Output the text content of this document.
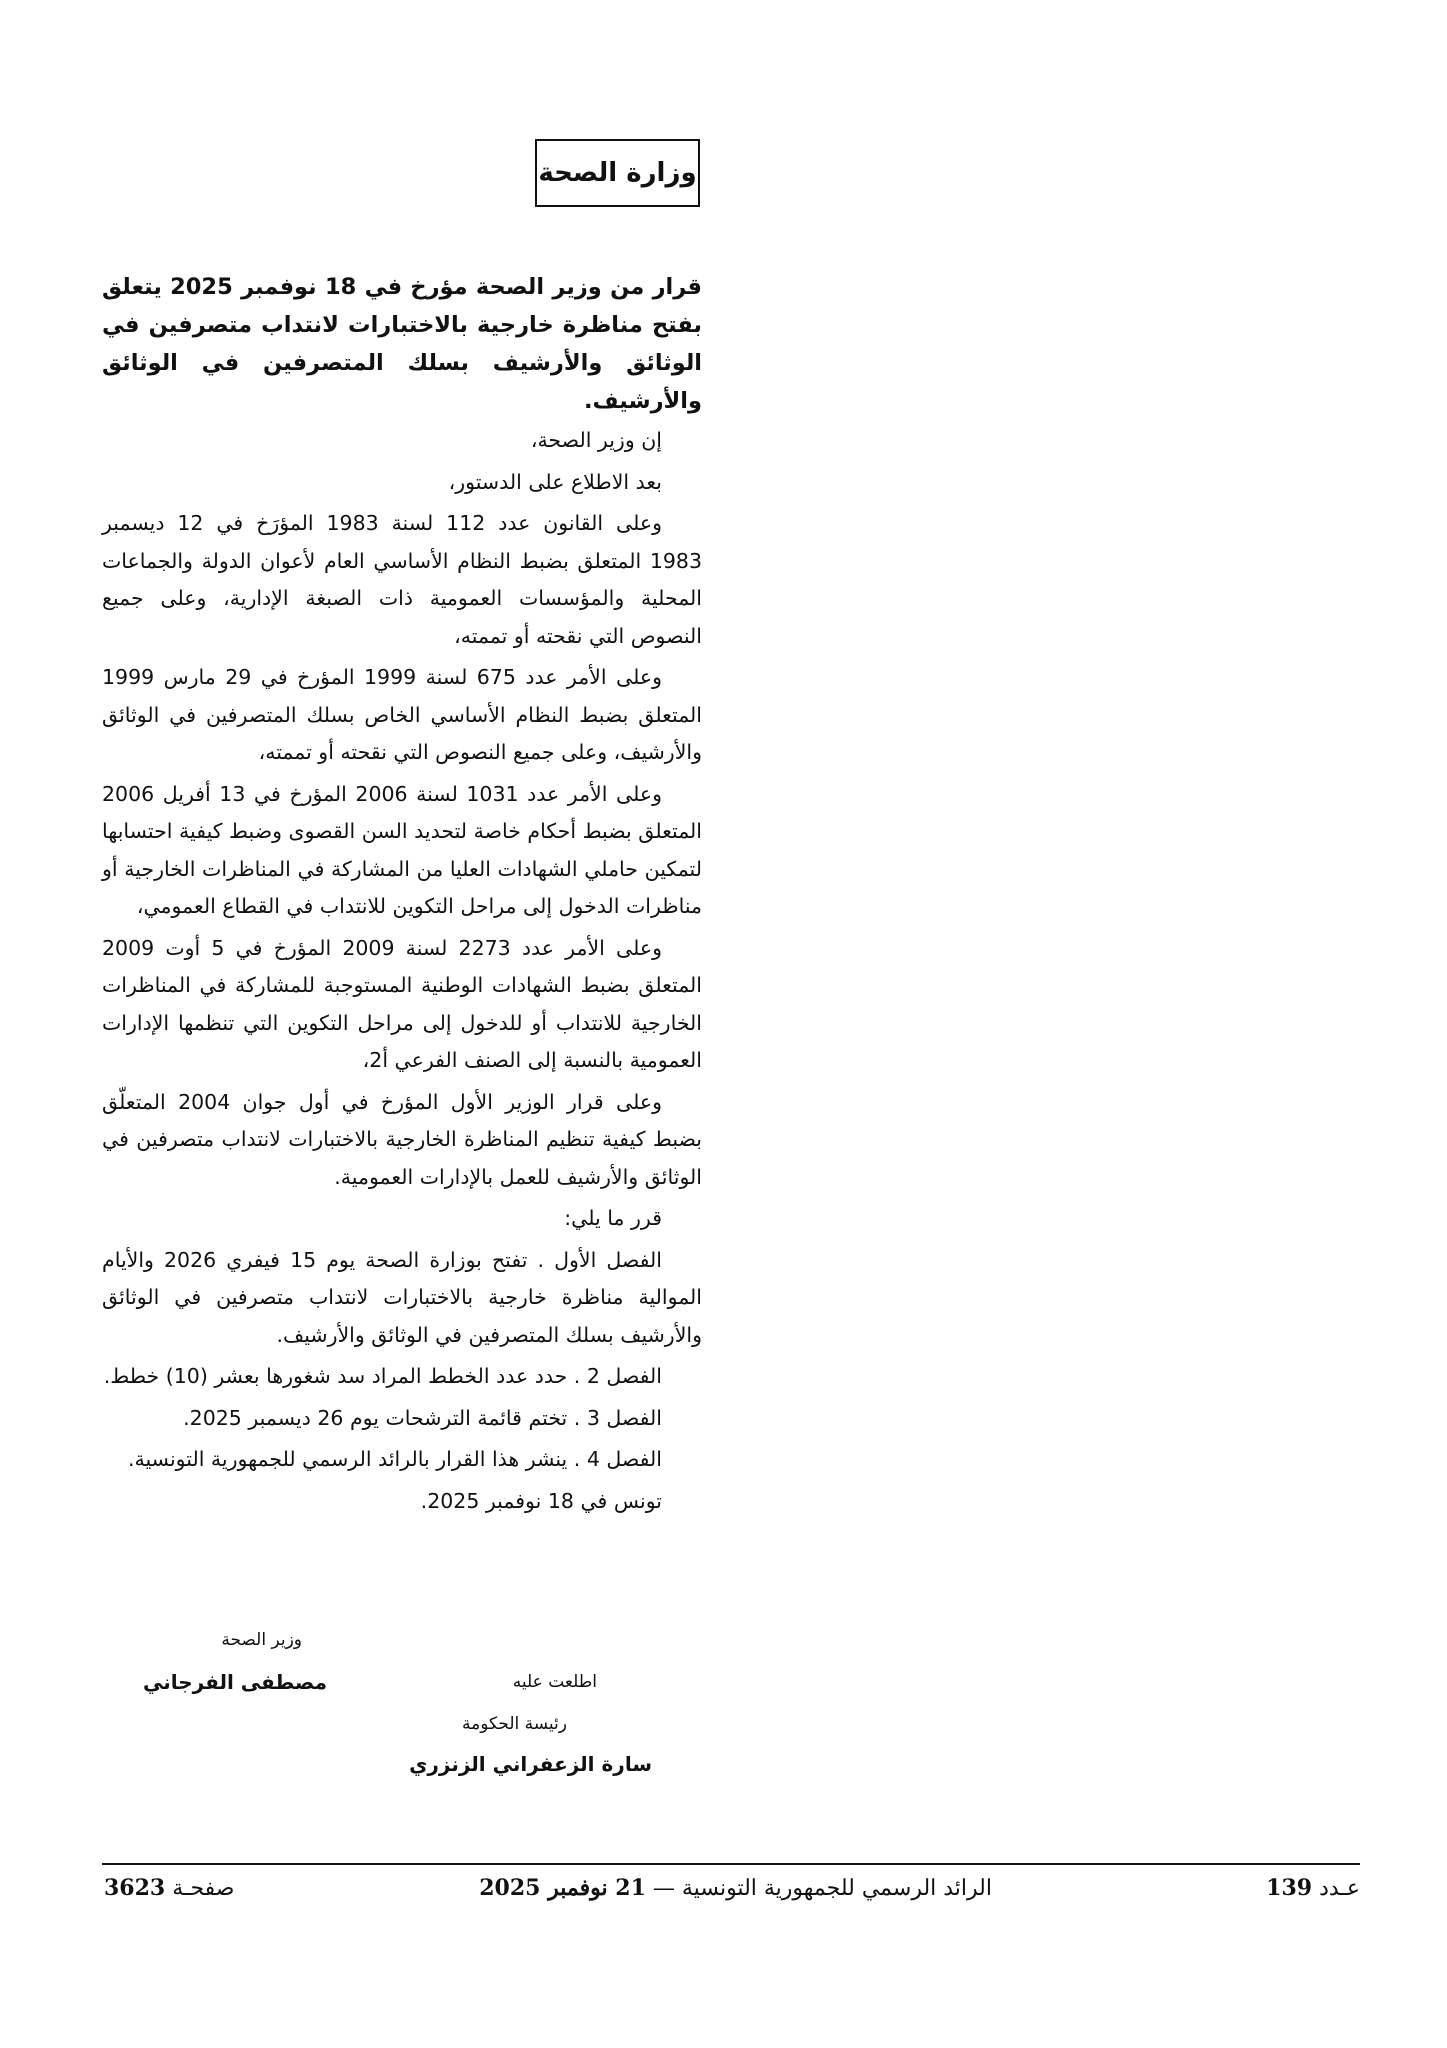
وزارة الصحة

قرار من وزير الصحة مؤرخ في 18 نوفمبر 2025 يتعلق بفتح مناظرة خارجية بالاختبارات لانتداب متصرفين في الوثائق والأرشيف بسلك المتصرفين في الوثائق والأرشيف.

إن وزير الصحة،

بعد الاطلاع على الدستور،

وعلى القانون عدد 112 لسنة 1983 المؤرَخ في 12 ديسمبر 1983 المتعلق بضبط النظام الأساسي العام لأعوان الدولة والجماعات المحلية والمؤسسات العمومية ذات الصبغة الإدارية، وعلى جميع النصوص التي نقحته أو تممته،

وعلى الأمر عدد 675 لسنة 1999 المؤرخ في 29 مارس 1999 المتعلق بضبط النظام الأساسي الخاص بسلك المتصرفين في الوثائق والأرشيف، وعلى جميع النصوص التي نقحته أو تممته،

وعلى الأمر عدد 1031 لسنة 2006 المؤرخ في 13 أفريل 2006 المتعلق بضبط أحكام خاصة لتحديد السن القصوى وضبط كيفية احتسابها لتمكين حاملي الشهادات العليا من المشاركة في المناظرات الخارجية أو مناظرات الدخول إلى مراحل التكوين للانتداب في القطاع العمومي،

وعلى الأمر عدد 2273 لسنة 2009 المؤرخ في 5 أوت 2009 المتعلق بضبط الشهادات الوطنية المستوجبة للمشاركة في المناظرات الخارجية للانتداب أو للدخول إلى مراحل التكوين التي تنظمها الإدارات العمومية بالنسبة إلى الصنف الفرعي أ2،

وعلى قرار الوزير الأول المؤرخ في أول جوان 2004 المتعلّق بضبط كيفية تنظيم المناظرة الخارجية بالاختبارات لانتداب متصرفين في الوثائق والأرشيف للعمل بالإدارات العمومية.

قرر ما يلي:

الفصل الأول . تفتح بوزارة الصحة يوم 15 فيفري 2026 والأيام الموالية مناظرة خارجية بالاختبارات لانتداب متصرفين في الوثائق والأرشيف بسلك المتصرفين في الوثائق والأرشيف.

الفصل 2 . حدد عدد الخطط المراد سد شغورها بعشر (10) خطط.

الفصل 3 . تختم قائمة الترشحات يوم 26 ديسمبر 2025.

الفصل 4 . ينشر هذا القرار بالرائد الرسمي للجمهورية التونسية.

تونس في 18 نوفمبر 2025.

وزير الصحة
مصطفى الفرجاني	اطلعت عليه
رئيسة الحكومة
سارة الزعفراني الزنزري
عـدد 139
الرائد الرسمي للجمهورية التونسية — 21 نوفمبر 2025
صفحـة 3623
